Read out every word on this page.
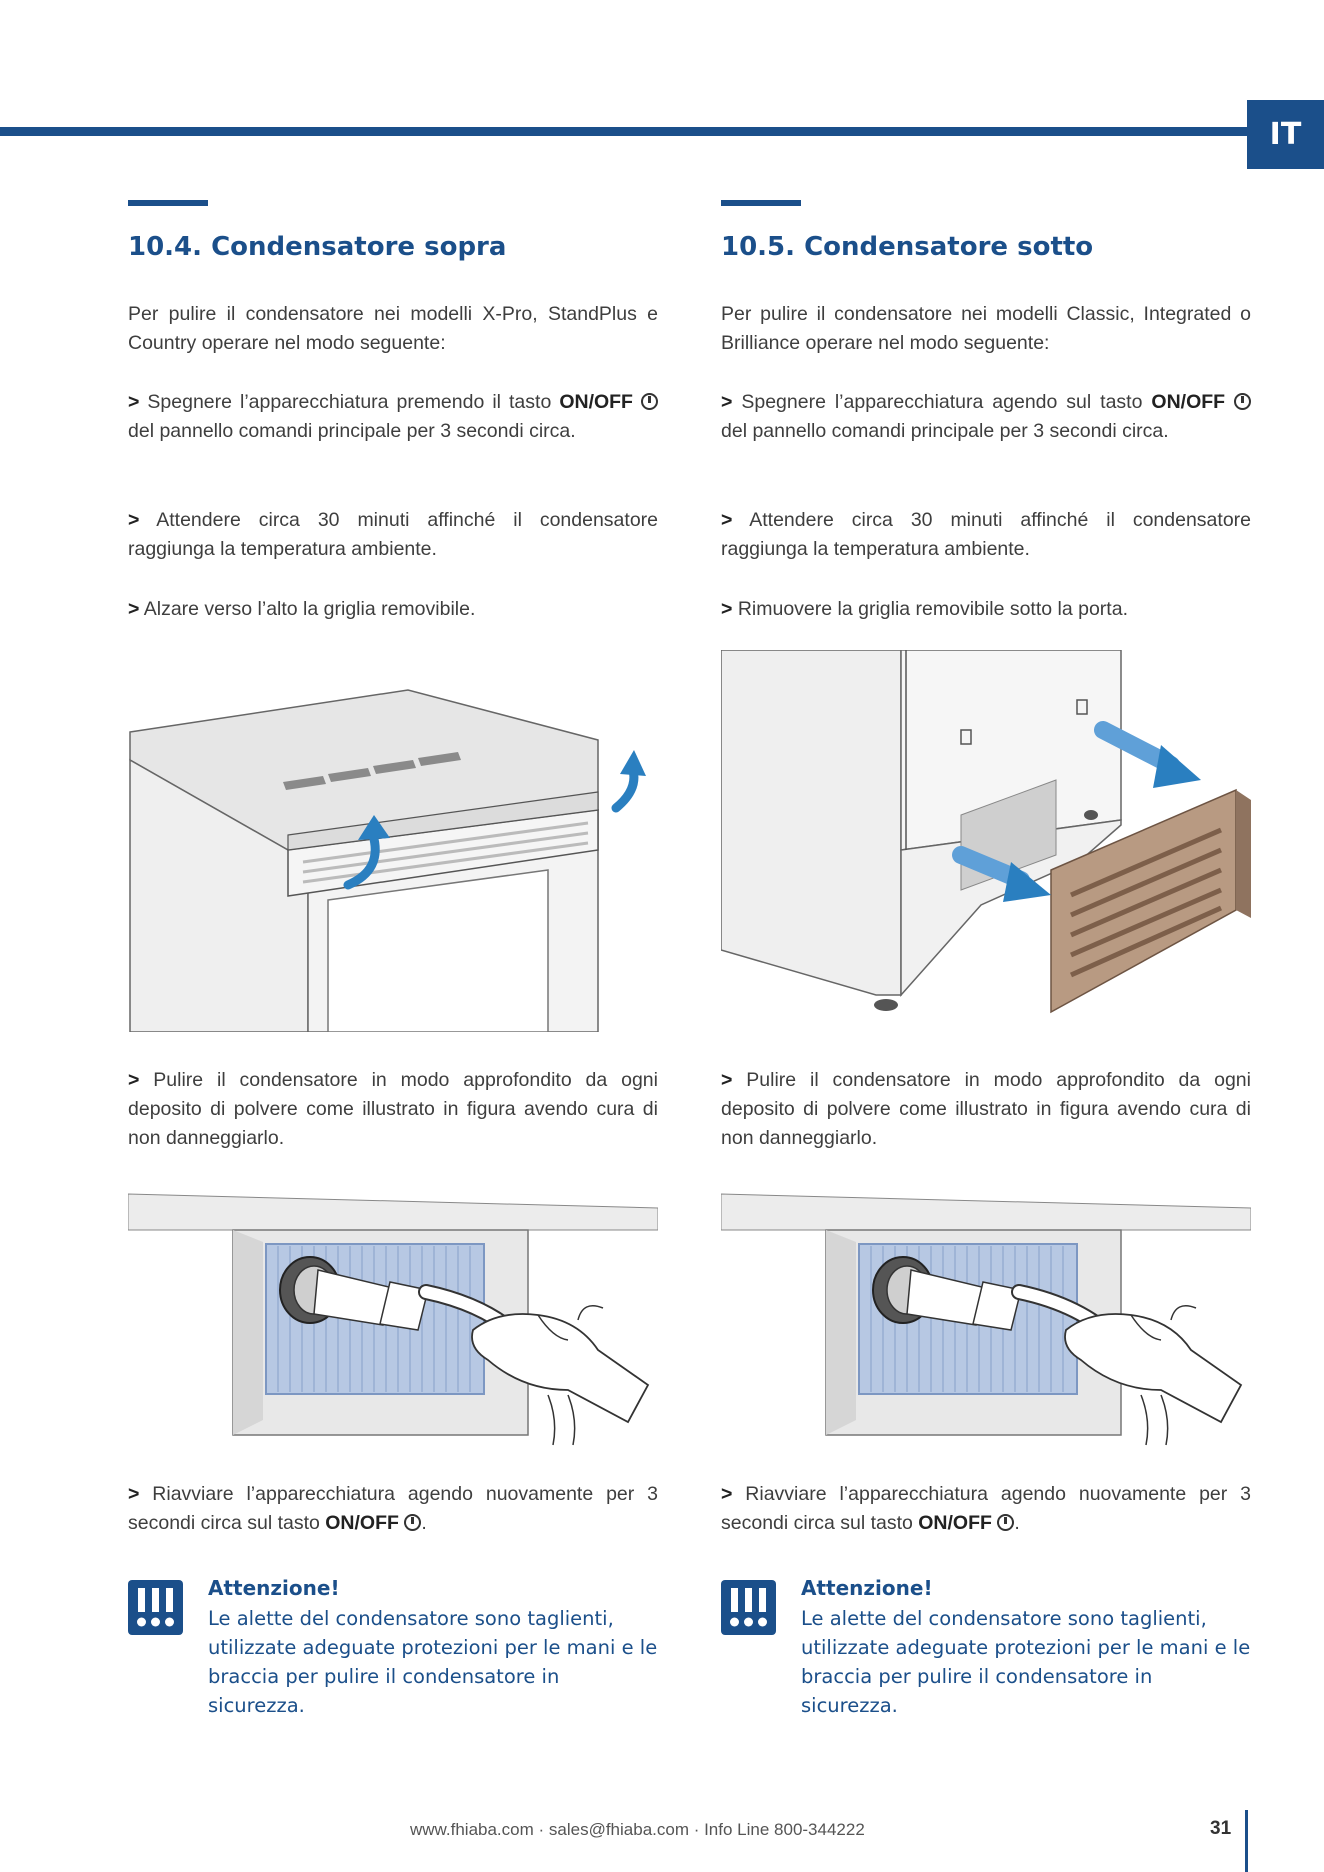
IT
10.4. Condensatore sopra

Per pulire il condensatore nei modelli X-Pro, StandPlus e Country operare nel modo seguente:

> Spegnere l’apparecchiatura premendo il tasto ON/OFF  del pannello comandi principale per 3 secondi circa.

> Attendere circa 30 minuti affinché il condensatore raggiunga la temperatura ambiente.

> Alzare verso l’alto la griglia removibile.

> Pulire il condensatore in modo approfondito da ogni deposito di polvere come illustrato in figura avendo cura di non danneggiarlo.

> Riavviare l’apparecchiatura agendo nuovamente per 3 secondi circa sul tasto ON/OFF .

Attenzione!
Le alette del condensatore sono taglienti, utilizzate adeguate protezioni per le mani e le braccia per pulire il condensatore in sicurezza.
10.5. Condensatore sotto

Per pulire il condensatore nei modelli Classic, Integrated o Brilliance operare nel modo seguente:

> Spegnere l’apparecchiatura agendo sul tasto ON/OFF  del pannello comandi principale per 3 secondi circa.

> Attendere circa 30 minuti affinché il condensatore raggiunga la temperatura ambiente.

> Rimuovere la griglia removibile sotto la porta.

> Pulire il condensatore in modo approfondito da ogni deposito di polvere come illustrato in figura avendo cura di non danneggiarlo.

> Riavviare l’apparecchiatura agendo nuovamente per 3 secondi circa sul tasto ON/OFF .

Attenzione!
Le alette del condensatore sono taglienti, utilizzate adeguate protezioni per le mani e le braccia per pulire il condensatore in sicurezza.
www.fhiaba.com · sales@fhiaba.com · Info Line 800-344222	31
